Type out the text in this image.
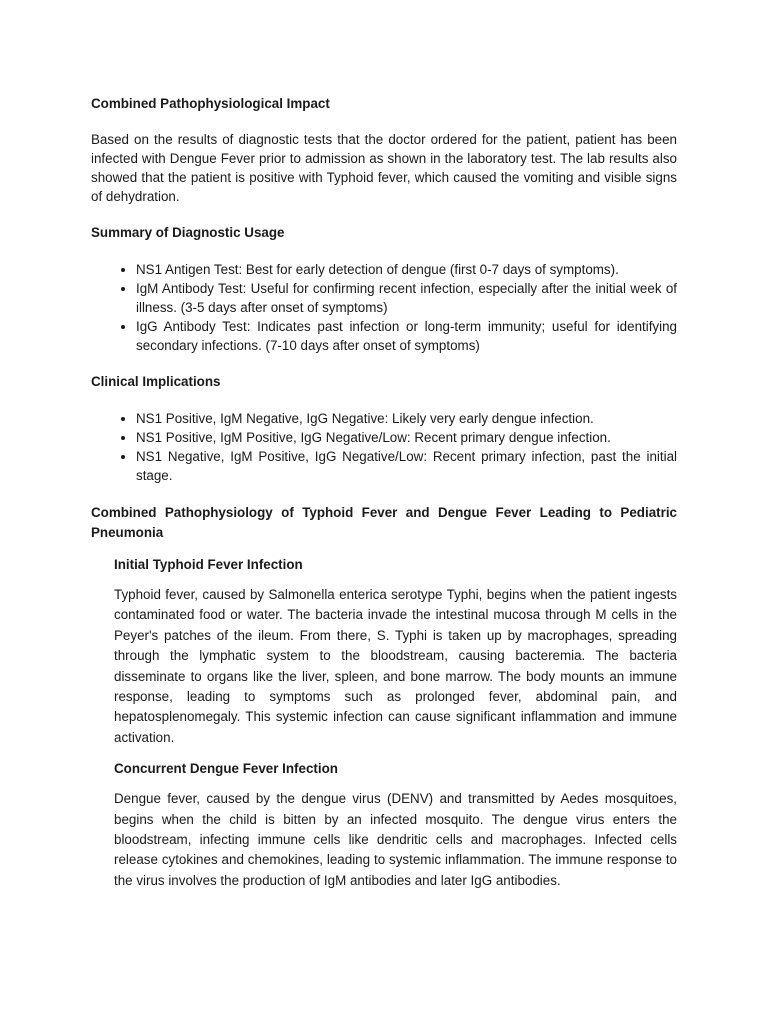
Combined Pathophysiological Impact

Based on the results of diagnostic tests that the doctor ordered for the patient, patient has been infected with Dengue Fever prior to admission as shown in the laboratory test. The lab results also showed that the patient is positive with Typhoid fever, which caused the vomiting and visible signs of dehydration.

Summary of Diagnostic Usage
• NS1 Antigen Test: Best for early detection of dengue (first 0-7 days of symptoms).
• IgM Antibody Test: Useful for confirming recent infection, especially after the initial week of illness. (3-5 days after onset of symptoms)
• IgG Antibody Test: Indicates past infection or long-term immunity; useful for identifying secondary infections. (7-10 days after onset of symptoms)
Clinical Implications
• NS1 Positive, IgM Negative, IgG Negative: Likely very early dengue infection.
• NS1 Positive, IgM Positive, IgG Negative/Low: Recent primary dengue infection.
• NS1 Negative, IgM Positive, IgG Negative/Low: Recent primary infection, past the initial stage.
Combined Pathophysiology of Typhoid Fever and Dengue Fever Leading to Pediatric Pneumonia
Initial Typhoid Fever Infection

Typhoid fever, caused by Salmonella enterica serotype Typhi, begins when the patient ingests contaminated food or water. The bacteria invade the intestinal mucosa through M cells in the Peyer's patches of the ileum. From there, S. Typhi is taken up by macrophages, spreading through the lymphatic system to the bloodstream, causing bacteremia. The bacteria disseminate to organs like the liver, spleen, and bone marrow. The body mounts an immune response, leading to symptoms such as prolonged fever, abdominal pain, and hepatosplenomegaly. This systemic infection can cause significant inflammation and immune activation.

Concurrent Dengue Fever Infection

Dengue fever, caused by the dengue virus (DENV) and transmitted by Aedes mosquitoes, begins when the child is bitten by an infected mosquito. The dengue virus enters the bloodstream, infecting immune cells like dendritic cells and macrophages. Infected cells release cytokines and chemokines, leading to systemic inflammation. The immune response to the virus involves the production of IgM antibodies and later IgG antibodies.
